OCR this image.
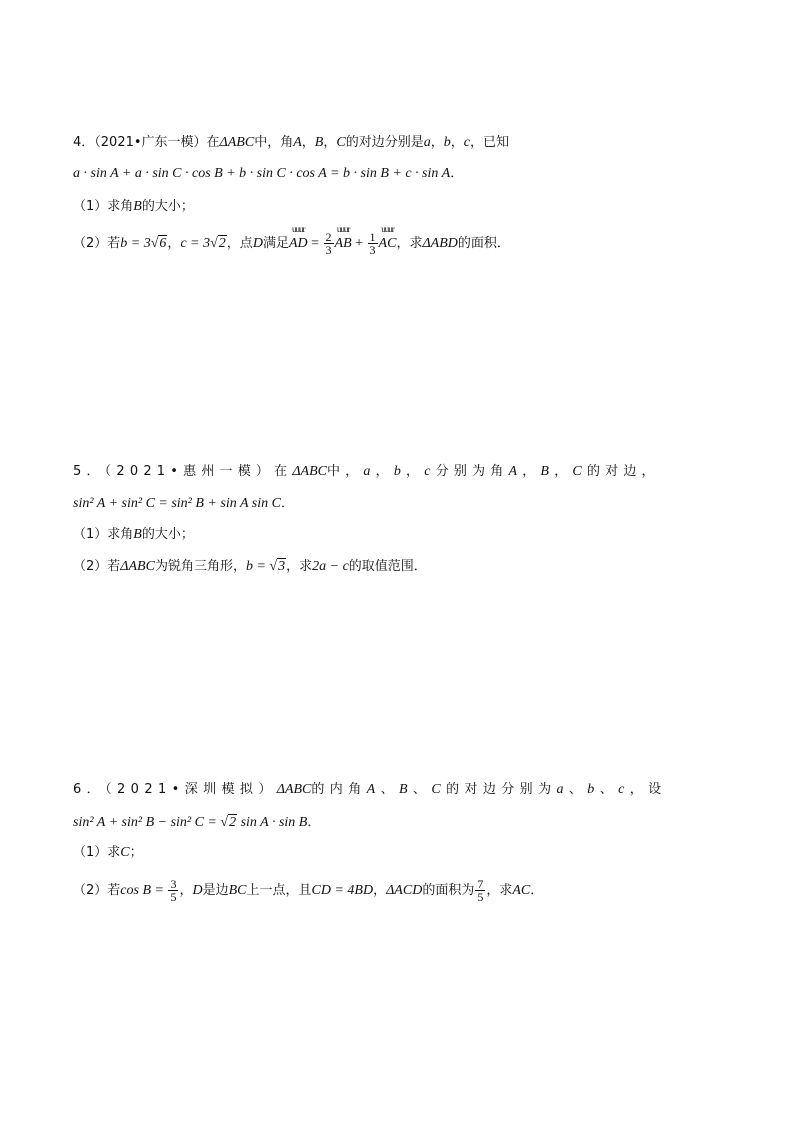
4．（2021•广东一模）在ΔABC中，角A，B，C的对边分别是a，b，c，已知
a · sin A + a · sin C · cos B + b · sin C · cos A = b · sin B + c · sin A．
（1）求角B的大小；
（2）若b = 3√6，c = 3√2，点D满足
uuur
AD = $\frac{2}{3}$
uuur
AB + $\frac{1}{3}$
uuur
AC，求ΔABD的面积．
5．（2021•惠州一模）在ΔABC中，a，b，c分别为角A，B，C的对边，
sin² A + sin² C = sin² B + sin A sin C．
（1）求角B的大小；
（2）若ΔABC为锐角三角形，b = √3，求2a − c的取值范围．
6．（2021•深圳模拟）ΔABC的内角A、B、C的对边分别为a、b、c，设
sin² A + sin² B − sin² C = √2 sin A · sin B．
（1）求C；
（2）若$\cos B = \frac{3}{5}$ ，D是边BC上一点，且CD = 4BD，ΔACD的面积为 $\frac{7}{5}$ ，求AC．
